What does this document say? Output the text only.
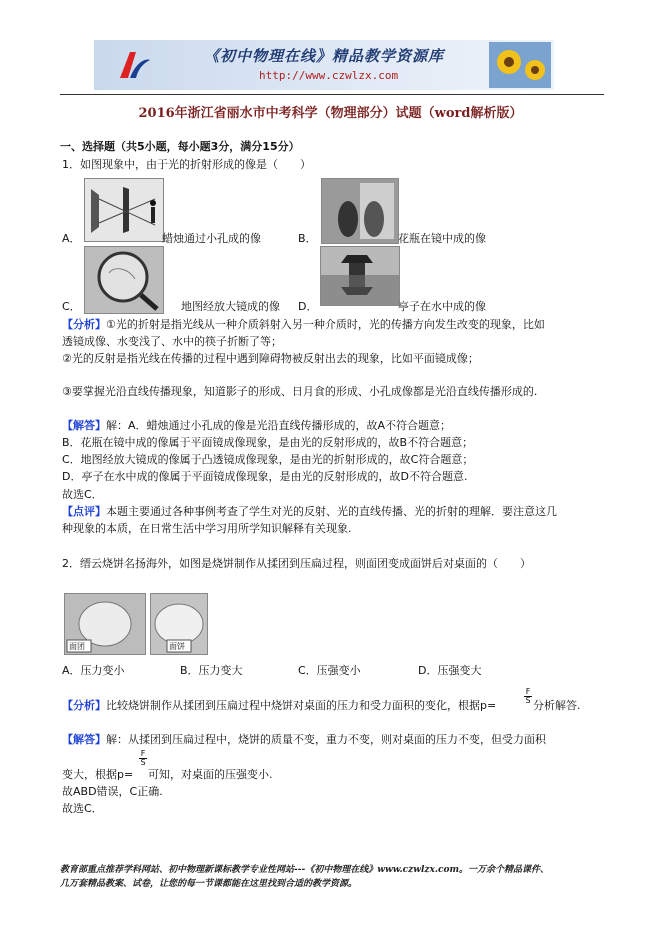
《初中物理在线》精品教学资源库
http://www.czwlzx.com
2016年浙江省丽水市中考科学（物理部分）试题（word解析版）
一、选择题（共5小题，每小题3分，满分15分）
1．如图现象中，由于光的折射形成的像是（　　）
A．	蜡烛通过小孔成的像	B．	花瓶在镜中成的像
C．	地图经放大镜成的像 D．	亭子在水中成的像
【分析】①光的折射是指光线从一种介质斜射入另一种介质时，光的传播方向发生改变的现象，比如
透镜成像、水变浅了、水中的筷子折断了等；
②光的反射是指光线在传播的过程中遇到障碍物被反射出去的现象，比如平面镜成像；
③要掌握光沿直线传播现象，知道影子的形成、日月食的形成、小孔成像都是光沿直线传播形成的.
【解答】解：A．蜡烛通过小孔成的像是光沿直线传播形成的，故A不符合题意；
B．花瓶在镜中成的像属于平面镜成像现象，是由光的反射形成的，故B不符合题意；
C．地图经放大镜成的像属于凸透镜成像现象，是由光的折射形成的，故C符合题意；
D．亭子在水中成的像属于平面镜成像现象，是由光的反射形成的，故D不符合题意.
故选C．
【点评】本题主要通过各种事例考查了学生对光的反射、光的直线传播、光的折射的理解．要注意这几
种现象的本质，在日常生活中学习用所学知识解释有关现象.
2．缙云烧饼名扬海外，如图是烧饼制作从揉团到压扁过程，则面团变成面饼后对桌面的（　　）
面团	面饼
A．压力变小	B．压力变大	C．压强变小	D．压强变大
【分析】比较烧饼制作从揉团到压扁过程中烧饼对桌面的压力和受力面积的变化，根据p=
$\frac{F}{S}$
分析解答.
【解答】解：从揉团到压扁过程中，烧饼的质量不变，重力不变，则对桌面的压力不变，但受力面积
变大，根据p=
$\frac{F}{S}$
可知，对桌面的压强变小.
故ABD错误，C正确.
故选C．
教育部重点推荐学科网站、初中物理新课标教学专业性网站---《初中物理在线》www.czwlzx.com。一万余个精品课件、
几万套精品教案、试卷，让您的每一节课都能在这里找到合适的教学资源。
